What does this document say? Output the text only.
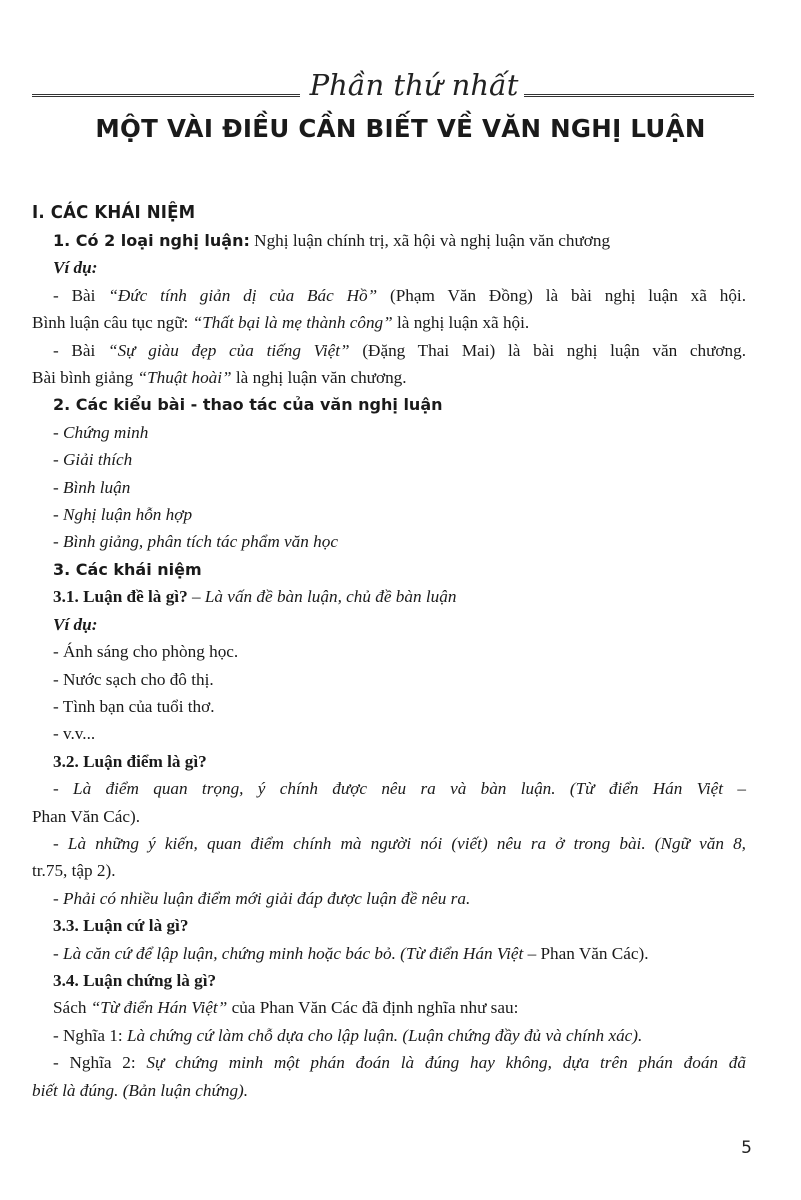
Phần thứ nhất
MỘT VÀI ĐIỀU CẦN BIẾT VỀ VĂN NGHỊ LUẬN
I. CÁC KHÁI NIỆM

1. Có 2 loại nghị luận: Nghị luận chính trị, xã hội và nghị luận văn chương

Ví dụ:

- Bài “Đức tính giản dị của Bác Hồ” (Phạm Văn Đồng) là bài nghị luận xã hội.

Bình luận câu tục ngữ: “Thất bại là mẹ thành công” là nghị luận xã hội.

- Bài “Sự giàu đẹp của tiếng Việt” (Đặng Thai Mai) là bài nghị luận văn chương.

Bài bình giảng “Thuật hoài” là nghị luận văn chương.

2. Các kiểu bài - thao tác của văn nghị luận

- Chứng minh

- Giải thích

- Bình luận

- Nghị luận hỗn hợp

- Bình giảng, phân tích tác phẩm văn học

3. Các khái niệm

3.1. Luận đề là gì? – Là vấn đề bàn luận, chủ đề bàn luận

Ví dụ:

- Ánh sáng cho phòng học.

- Nước sạch cho đô thị.

- Tình bạn của tuổi thơ.

- v.v...

3.2. Luận điểm là gì?

- Là điểm quan trọng, ý chính được nêu ra và bàn luận. (Từ điển Hán Việt –

Phan Văn Các).

- Là những ý kiến, quan điểm chính mà người nói (viết) nêu ra ở trong bài. (Ngữ văn 8,

tr.75, tập 2).

- Phải có nhiều luận điểm mới giải đáp được luận đề nêu ra.

3.3. Luận cứ là gì?

- Là căn cứ để lập luận, chứng minh hoặc bác bỏ. (Từ điển Hán Việt – Phan Văn Các).

3.4. Luận chứng là gì?

Sách “Từ điển Hán Việt” của Phan Văn Các đã định nghĩa như sau:

- Nghĩa 1: Là chứng cứ làm chỗ dựa cho lập luận. (Luận chứng đầy đủ và chính xác).

- Nghĩa 2: Sự chứng minh một phán đoán là đúng hay không, dựa trên phán đoán đã

biết là đúng. (Bản luận chứng).

5
